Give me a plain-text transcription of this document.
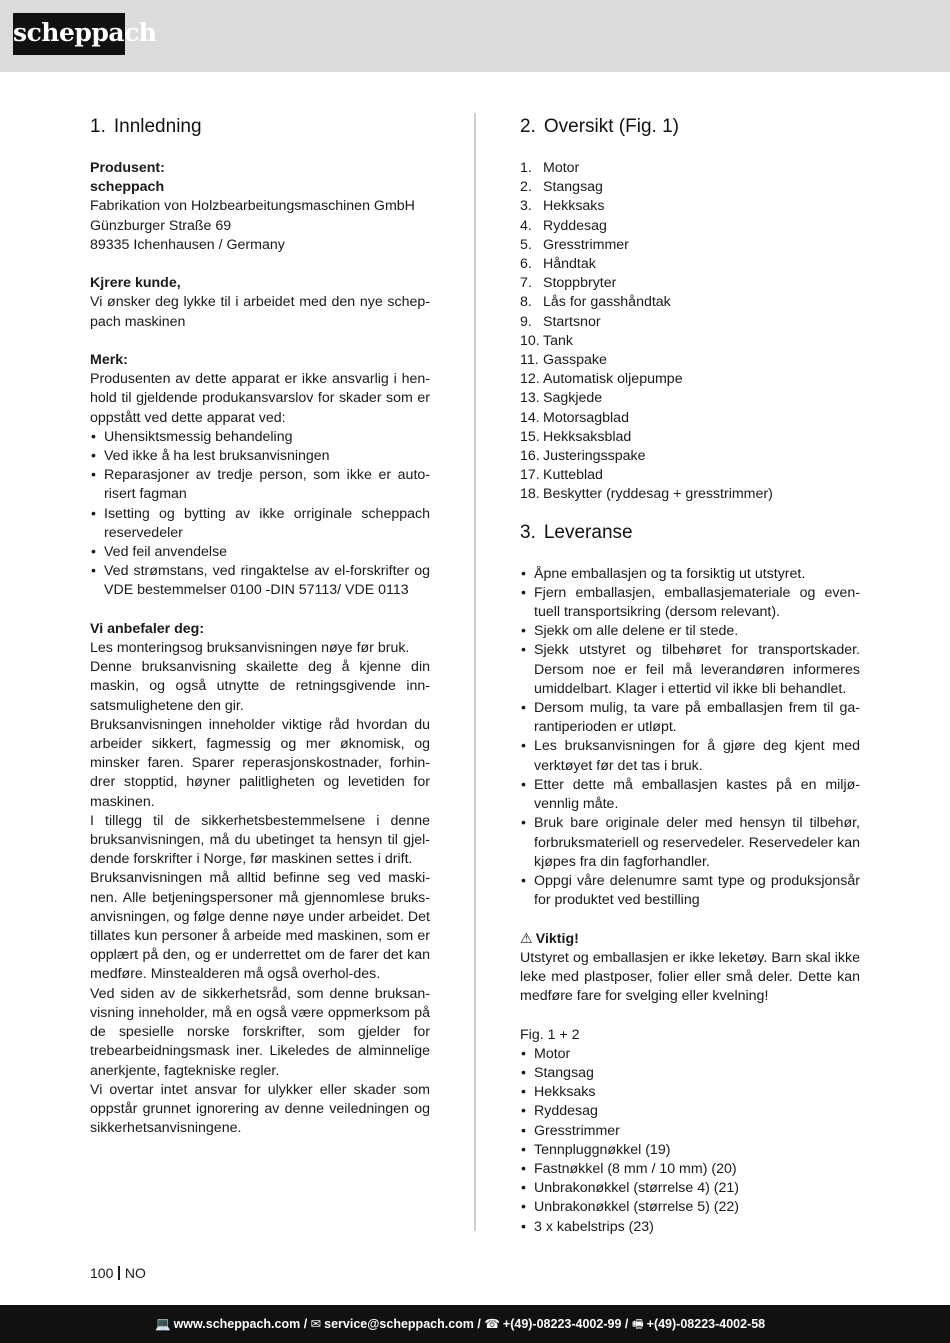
scheppach
1. Innledning
Produsent:
scheppach
Fabrikation von Holzbearbeitungsmaschinen GmbH
Günzburger Straße 69
89335 Ichenhausen / Germany
Kjrere kunde,
Vi ønsker deg lykke til i arbeidet med den nye schep-pach maskinen
Merk:
Produsenten av dette apparat er ikke ansvarlig i hen-hold til gjeldende produkansvarslov for skader som er oppstått ved dette apparat ved:
• Uhensiktsmessig behandeling
• Ved ikke å ha lest bruksanvisningen
• Reparasjoner av tredje person, som ikke er auto-risert fagman
• Isetting og bytting av ikke orriginale scheppach reservedeler
• Ved feil anvendelse
• Ved strømstans, ved ringaktelse av el-forskrifter og VDE bestemmelser 0100 -DIN 57113/ VDE 0113
Vi anbefaler deg:
Les monteringsog bruksanvisningen nøye før bruk.
Denne bruksanvisning skailette deg å kjenne din maskin, og også utnytte de retningsgivende inn-satsmulighetene den gir.
Bruksanvisningen inneholder viktige råd hvordan du arbeider sikkert, fagmessig og mer øknomisk, og minsker faren. Sparer reperasjonskostnader, forhin-drer stopptid, høyner palitligheten og levetiden for maskinen.
I tillegg til de sikkerhetsbestemmelsene i denne bruksanvisningen, må du ubetinget ta hensyn til gjel-dende forskrifter i Norge, før maskinen settes i drift.
Bruksanvisningen må alltid befinne seg ved maski-nen. Alle betjeningspersoner må gjennomlese bruks-anvisningen, og følge denne nøye under arbeidet. Det tillates kun personer å arbeide med maskinen, som er opplært på den, og er underrettet om de farer det kan medføre. Minstealderen må også overhol-des.
Ved siden av de sikkerhetsråd, som denne bruksan-visning inneholder, må en også være oppmerksom på de spesielle norske forskrifter, som gjelder for trebearbeidningsmask iner. Likeledes de alminnelige anerkjente, fagtekniske regler.
Vi overtar intet ansvar for ulykker eller skader som oppstår grunnet ignorering av denne veiledningen og sikkerhetsanvisningene.
2. Oversikt (Fig. 1)
1. Motor
2. Stangsag
3. Hekksaks
4. Ryddesag
5. Gresstrimmer
6. Håndtak
7. Stoppbryter
8. Lås for gasshåndtak
9. Startsnor
10. Tank
11. Gasspake
12. Automatisk oljepumpe
13. Sagkjede
14. Motorsagblad
15. Hekksaksblad
16. Justeringsspake
17. Kutteblad
18. Beskytter (ryddesag + gresstrimmer)
3. Leveranse
• Åpne emballasjen og ta forsiktig ut utstyret.
• Fjern emballasjen, emballasjemateriale og even-tuell transportsikring (dersom relevant).
• Sjekk om alle delene er til stede.
• Sjekk utstyret og tilbehøret for transportskader. Dersom noe er feil må leverandøren informeres umiddelbart. Klager i ettertid vil ikke bli behandlet.
• Dersom mulig, ta vare på emballasjen frem til ga-rantiperioden er utløpt.
• Les bruksanvisningen for å gjøre deg kjent med verktøyet før det tas i bruk.
• Etter dette må emballasjen kastes på en miljø-vennlig måte.
• Bruk bare originale deler med hensyn til tilbehør, forbruksmateriell og reservedeler. Reservedeler kan kjøpes fra din fagforhandler.
• Oppgi våre delenumre samt type og produksjonsår for produktet ved bestilling
⚠ Viktig!
Utstyret og emballasjen er ikke leketøy. Barn skal ikke leke med plastposer, folier eller små deler. Dette kan medføre fare for svelging eller kvelning!
Fig. 1 + 2
• Motor
• Stangsag
• Hekksaks
• Ryddesag
• Gresstrimmer
• Tennpluggnøkkel (19)
• Fastnøkkel (8 mm / 10 mm) (20)
• Unbrakonøkkel (størrelse 4) (21)
• Unbrakonøkkel (størrelse 5) (22)
• 3 x kabelstrips (23)
100 NO
💻 www.scheppach.com / ✉ service@scheppach.com / ☎ +(49)-08223-4002-99 / 🖷 +(49)-08223-4002-58
